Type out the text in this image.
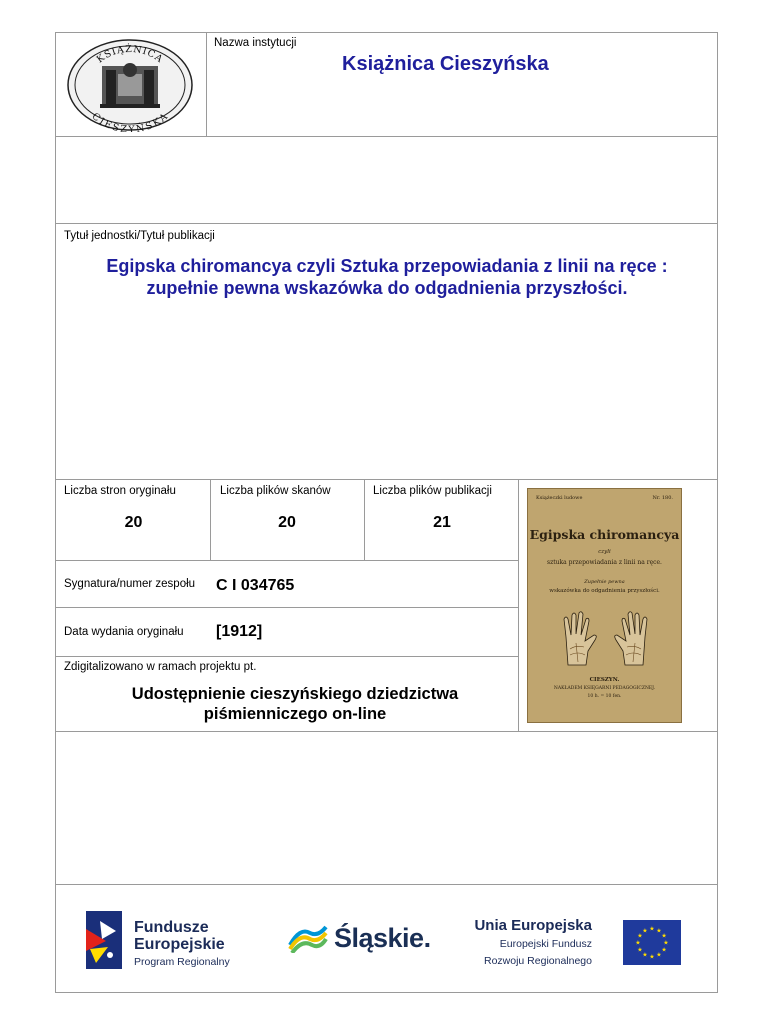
KSIĄŻNICA
CIESZYŃSKA
Nazwa instytucji
Książnica Cieszyńska
Tytuł jednostki/Tytuł publikacji
Egipska chiromancya czyli Sztuka przepowiadania z linii na ręce : zupełnie pewna wskazówka do odgadnienia przyszłości.
Liczba stron oryginału
20
Liczba plików skanów
20
Liczba plików publikacji
21
Sygnatura/numer zespołu C I 034765
Data wydania oryginału [1912]
Zdigitalizowano w ramach projektu pt.
Udostępnienie cieszyńskiego dziedzictwa piśmienniczego on-line
Książeczki ludowe	Nr. 180.
Egipska chiromancya
czyli
sztuka przepowiadania z linii na ręce.
Zupełnie pewna
wskazówka do odgadnienia przyszłości.
CIESZYN.
NAKŁADEM KSIĘGARNI PEDAGOGICZNEJ.
10 h. = 10 fen.
Fundusze
Europejskie
Program Regionalny
Śląskie.	Unia Europejska
Europejski Fundusz
Rozwoju Regionalnego
★
★
★
★
★
★
★
★
★ ★ ★
★
